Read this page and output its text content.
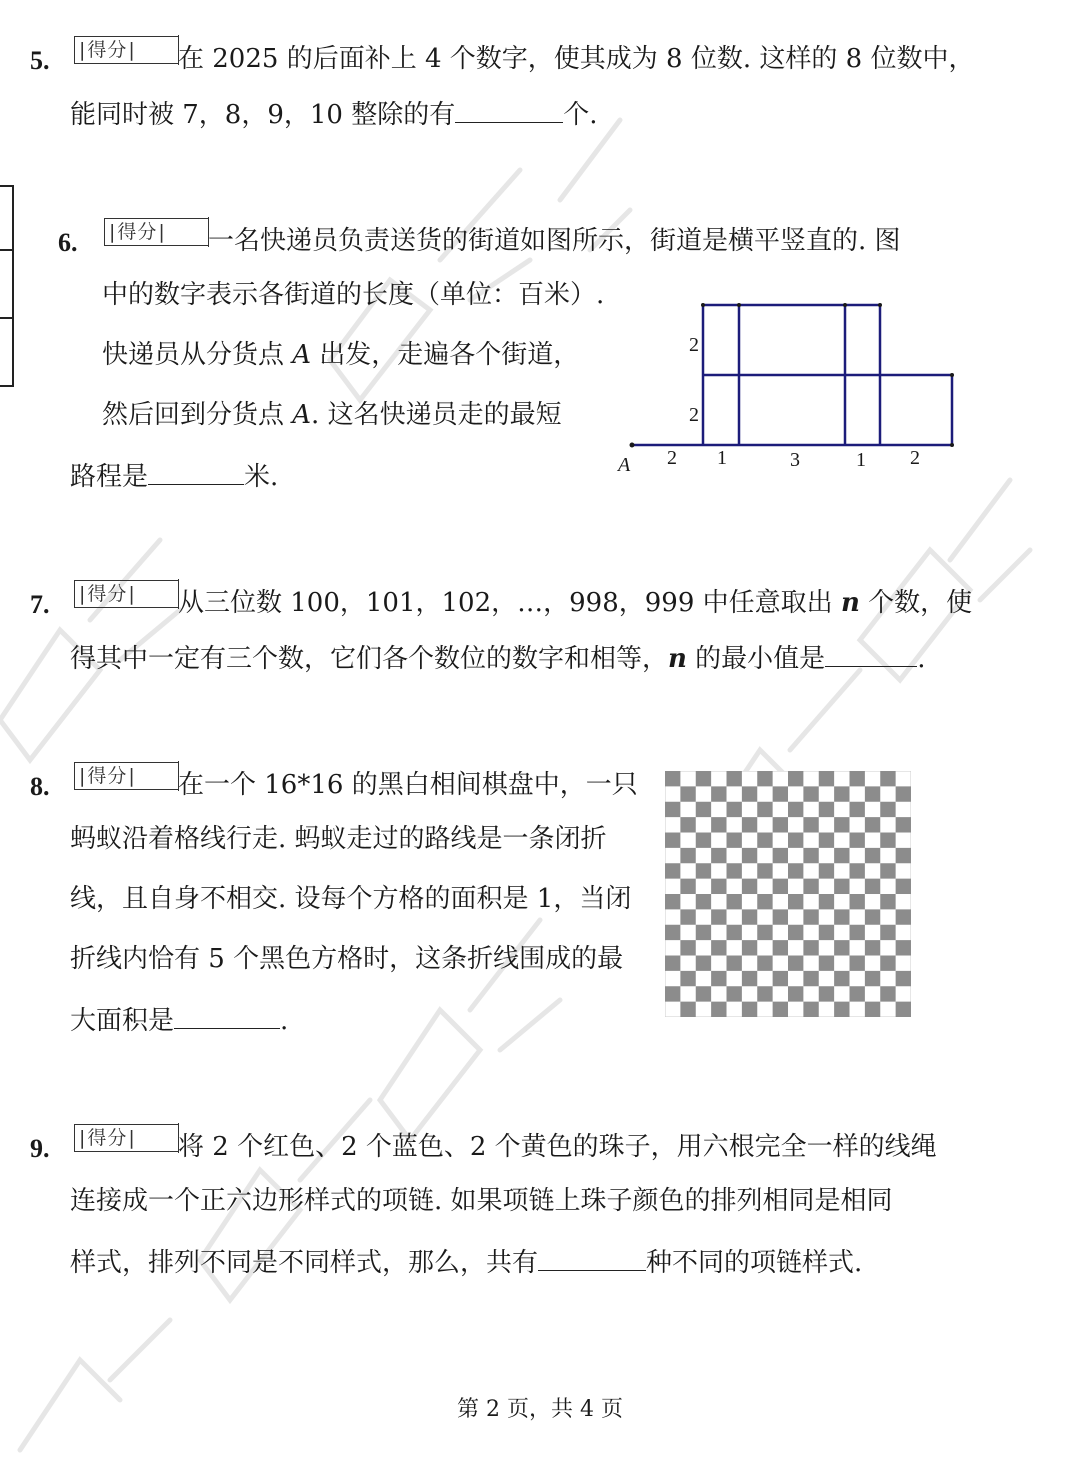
5.	| 得分 |	在 2025 的后面补上 4 个数字，使其成为 8 位数. 这样的 8 位数中，
能同时被 7，8，9，10 整除的有	个.
6.	| 得分 |	一名快递员负责送货的街道如图所示，街道是横平竖直的. 图
中的数字表示各街道的长度（单位：百米）.
快递员从分货点 A 出发，走遍各个街道，
然后回到分货点 A. 这名快递员走的最短
路程是	米.	A
2
2
2 1	3	1 2
7.	| 得分 |	从三位数 100，101，102，…，998，999 中任意取出 n 个数，使
得其中一定有三个数，它们各个数位的数字和相等，n 的最小值是	.
8.	| 得分 |	在一个 16*16 的黑白相间棋盘中，一只
蚂蚁沿着格线行走. 蚂蚁走过的路线是一条闭折
线，且自身不相交. 设每个方格的面积是 1，当闭
折线内恰有 5 个黑色方格时，这条折线围成的最
大面积是	.
9.	| 得分 |	将 2 个红色、2 个蓝色、2 个黄色的珠子，用六根完全一样的线绳
连接成一个正六边形样式的项链. 如果项链上珠子颜色的排列相同是相同
样式，排列不同是不同样式，那么，共有	种不同的项链样式.
第 2 页，共 4 页
